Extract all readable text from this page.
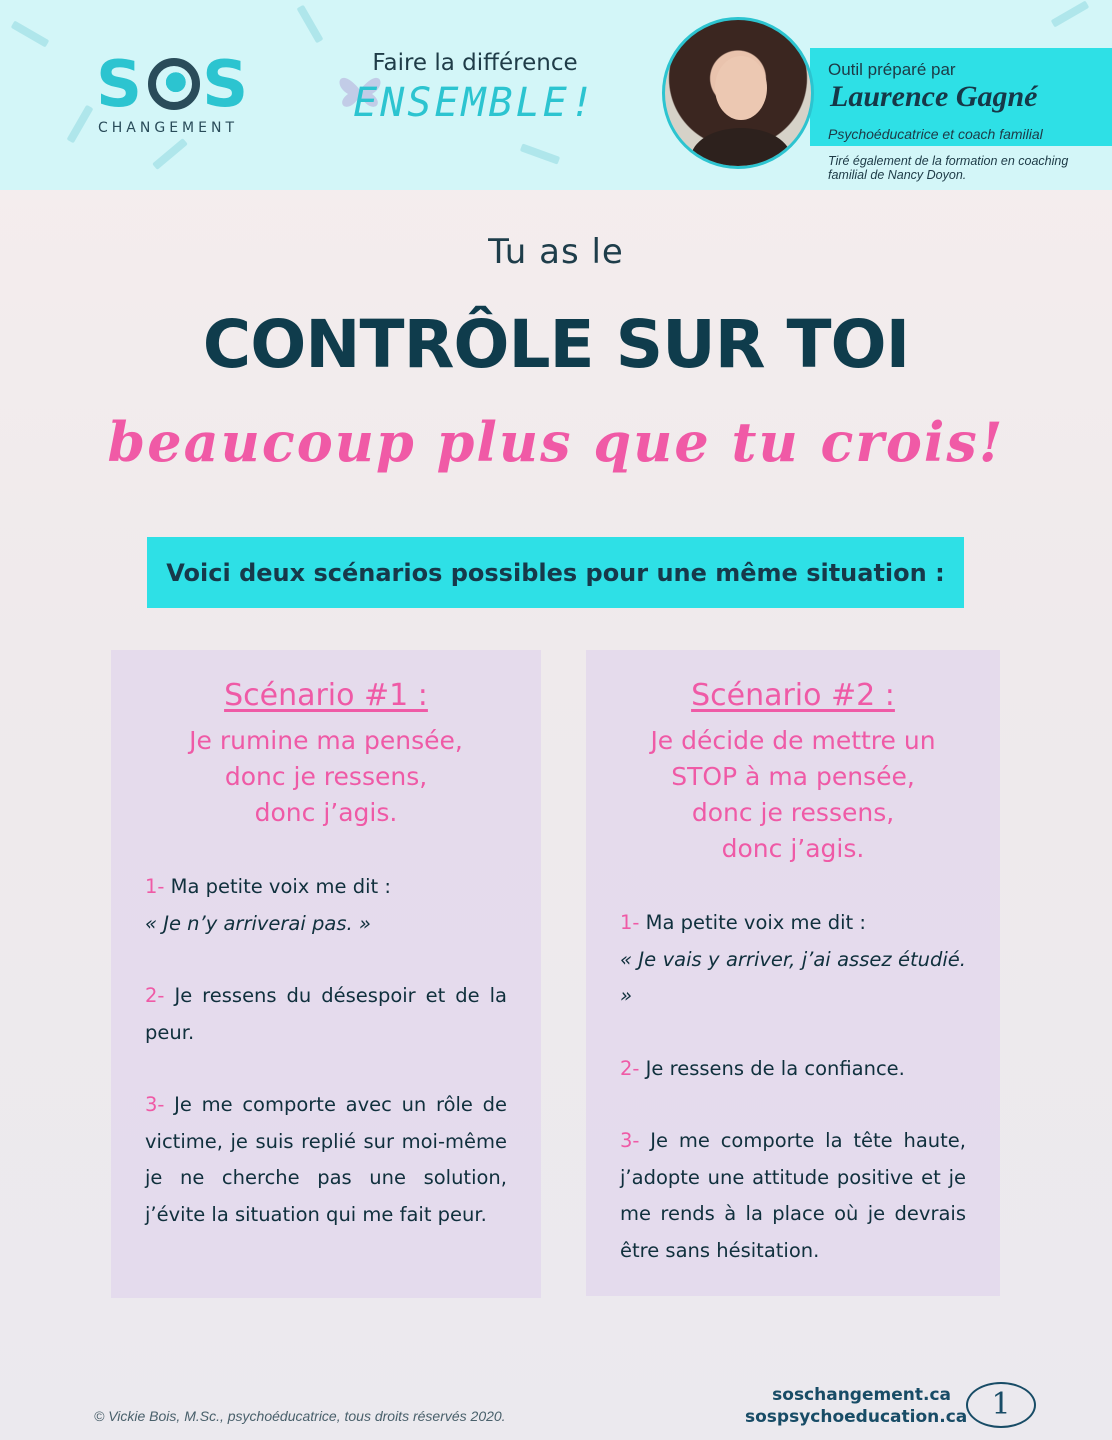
S S
CHANGEMENT
Faire la différence
ENSEMBLE!
Outil préparé par
Laurence Gagné
Psychoéducatrice et coach familial
Tiré également de la formation en coaching familial de Nancy Doyon.
Tu as le
CONTRÔLE SUR TOI
beaucoup plus que tu crois!
Voici deux scénarios possibles pour une même situation :
Scénario #1 :
Je rumine ma pensée,
donc je ressens,
donc j’agis.
1- Ma petite voix me dit :
« Je n’y arriverai pas. »
2- Je ressens du désespoir et de la peur.
3- Je me comporte avec un rôle de victime, je suis replié sur moi-même je ne cherche pas une solution, j’évite la situation qui me fait peur.
Scénario #2 :
Je décide de mettre un
STOP à ma pensée,
donc je ressens,
donc j’agis.
1- Ma petite voix me dit :
« Je vais y arriver, j’ai assez étudié. »
2- Je ressens de la confiance.
3- Je me comporte la tête haute, j’adopte une attitude positive et je me rends à la place où je devrais être sans hésitation.
© Vickie Bois, M.Sc., psychoéducatrice, tous droits réservés 2020.
soschangement.ca
sospsychoeducation.ca 1
